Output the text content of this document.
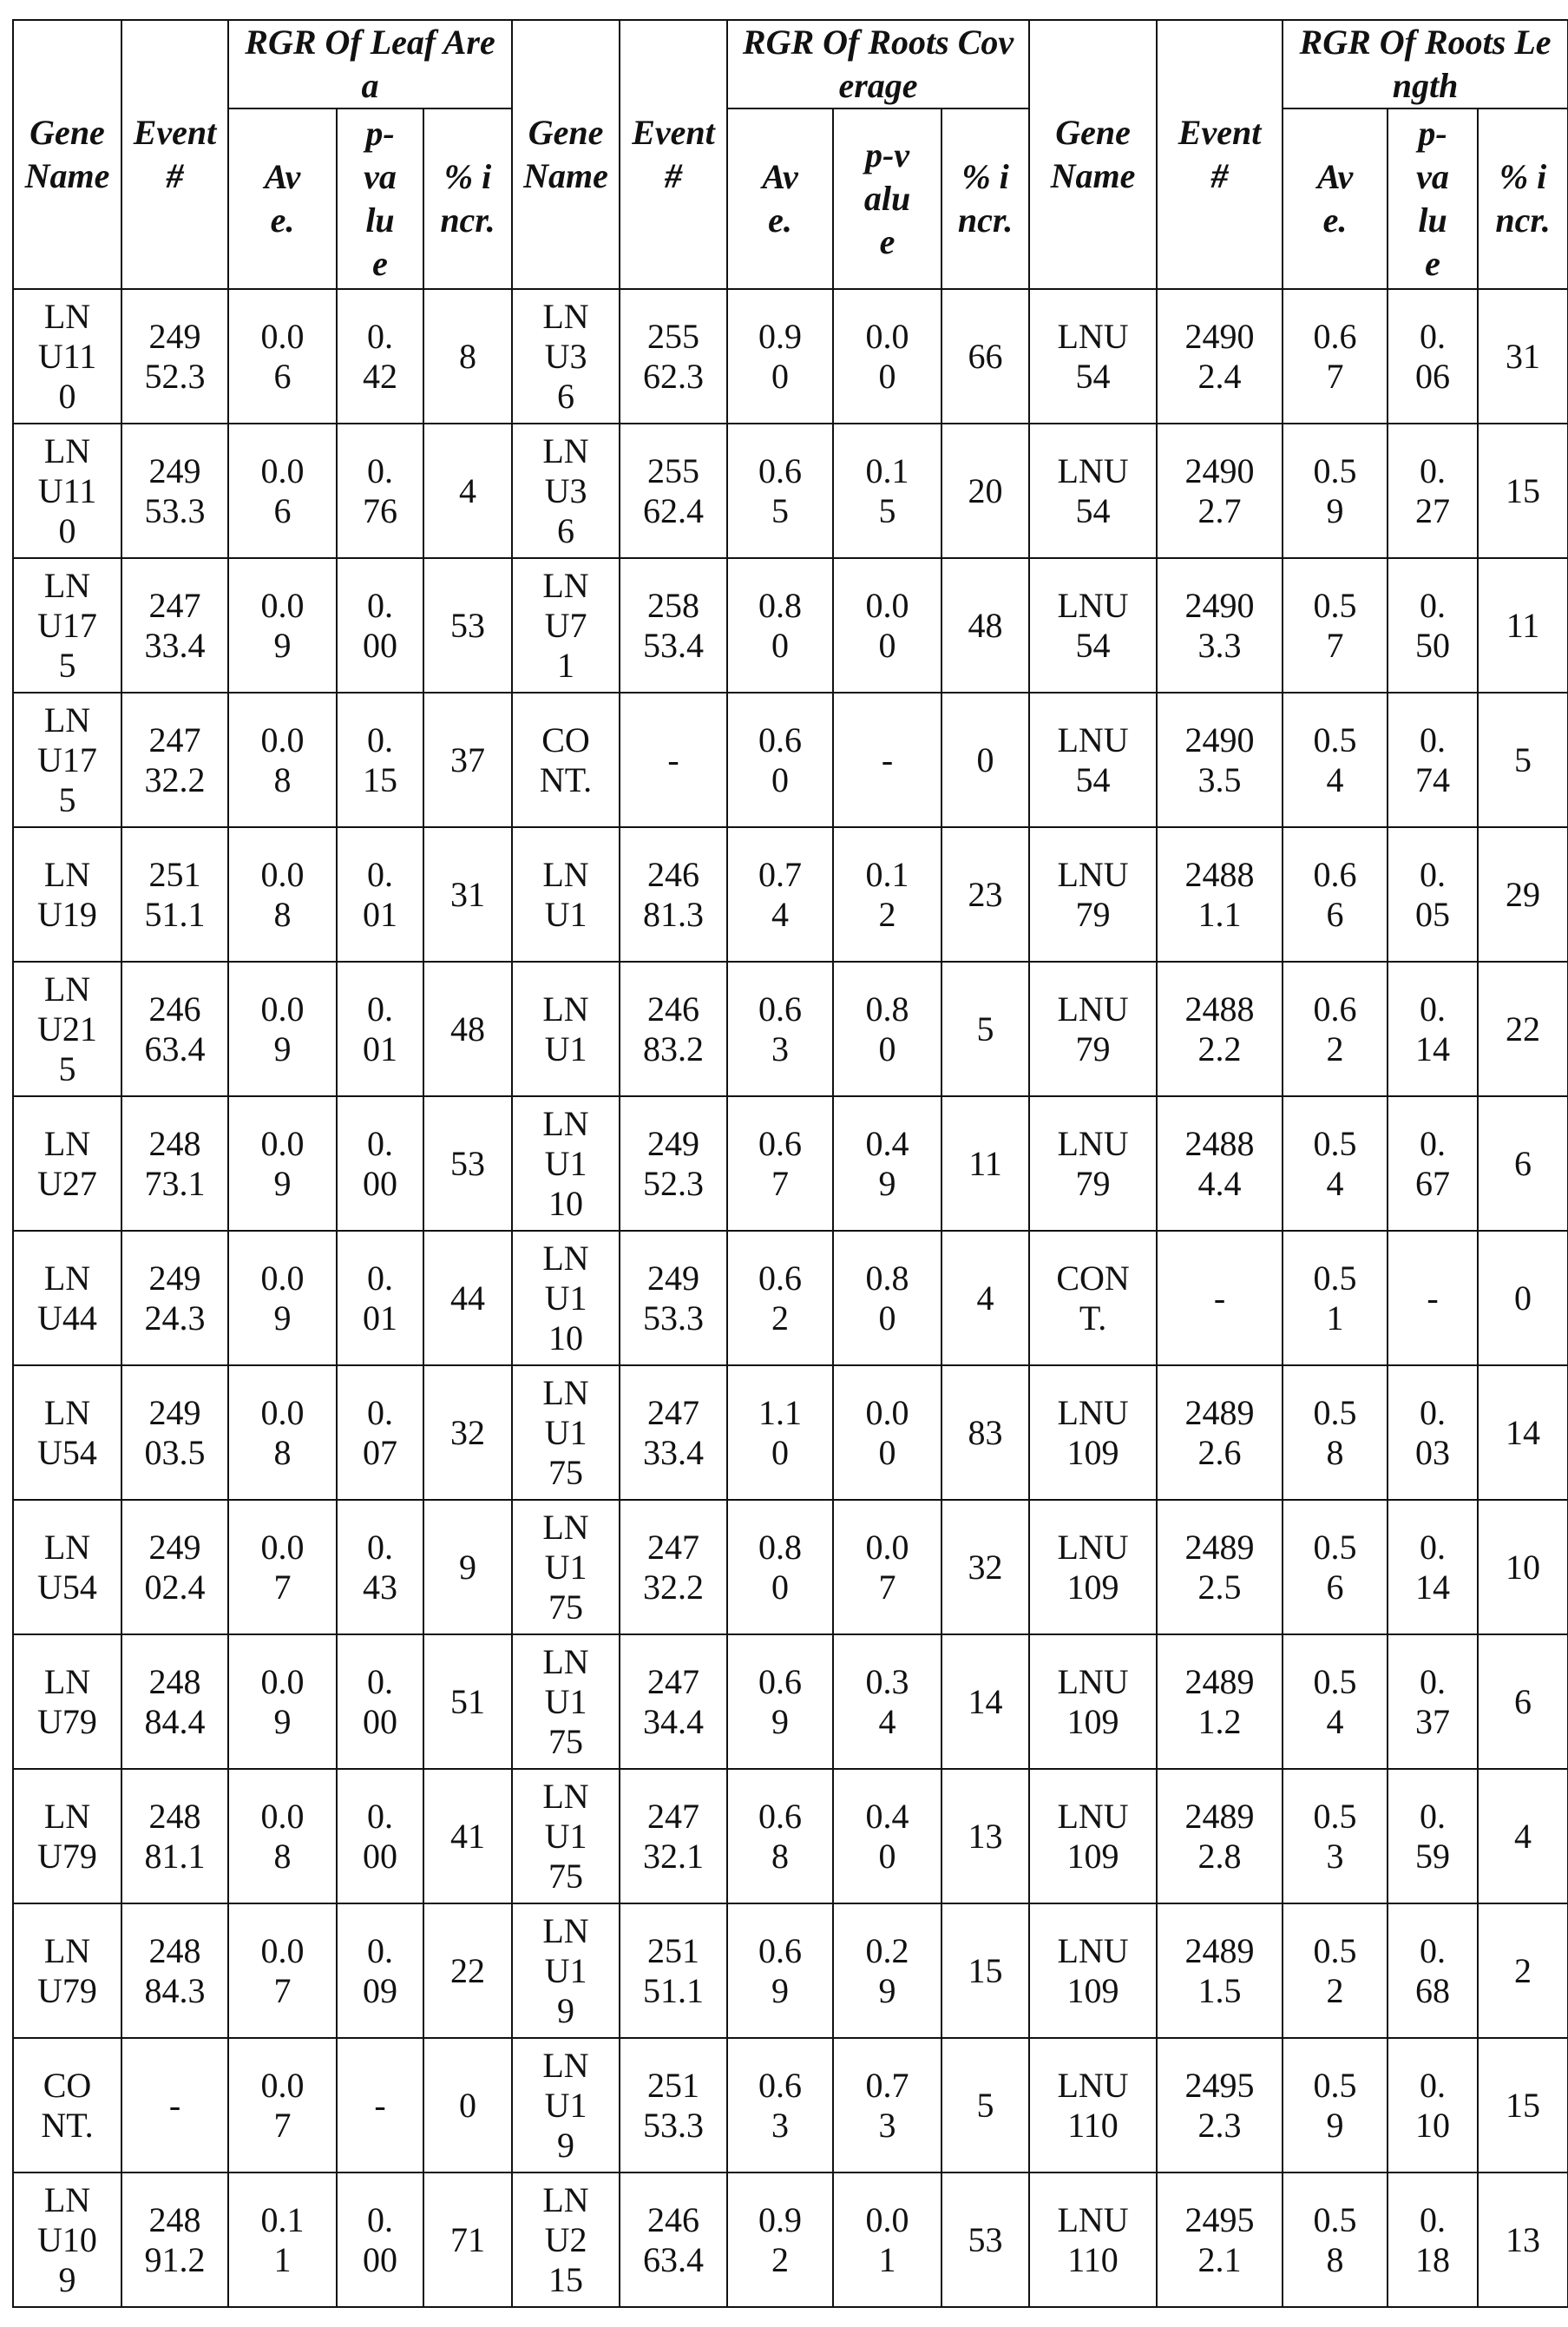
Gene Name

Event #

RGR Of Leaf Area

Gene Name

Event #

RGR Of Roots Coverage

Gene Name

Event #

RGR Of Roots Length

Ave.

p-value

% incr.

Ave.

p-value

% incr.

Ave.

p-value

% incr.

LNU110

24952.3

0.06

0.42

8

LNU36

25562.3

0.90

0.00

66

LNU54

24902.4

0.67

0.06

31

LNU110

24953.3

0.06

0.76

4

LNU36

25562.4

0.65

0.15

20

LNU54

24902.7

0.59

0.27

15

LNU175

24733.4

0.09

0.00

53

LNU71

25853.4

0.80

0.00

48

LNU54

24903.3

0.57

0.50

11

LNU175

24732.2

0.08

0.15

37

CONT.

-

0.60

-	0

LNU54

24903.5

0.54

0.74

5

LNU19

25151.1

0.08

0.01

31

LNU1

24681.3

0.74

0.12

23

LNU79

24881.1

0.66

0.05

29

LNU215

24663.4

0.09

0.01

48

LNU1

24683.2

0.63

0.80

5

LNU79

24882.2

0.62

0.14

22

LNU27

24873.1

0.09

0.00

53

LNU110

24952.3

0.67

0.49

11

LNU79

24884.4

0.54

0.67

6

LNU44

24924.3

0.09

0.01

44

LNU110

24953.3

0.62

0.80

4

CONT.

-

0.51

-	0

LNU54

24903.5

0.08

0.07

32

LNU175

24733.4

1.10

0.00

83

LNU109

24892.6

0.58

0.03

14

LNU54

24902.4

0.07

0.43

9

LNU175

24732.2

0.80

0.07

32

LNU109

24892.5

0.56

0.14

10

LNU79

24884.4

0.09

0.00

51

LNU175

24734.4

0.69

0.34

14

LNU109

24891.2

0.54

0.37

6

LNU79

24881.1

0.08

0.00

41

LNU175

24732.1

0.68

0.40

13

LNU109

24892.8

0.53

0.59

4

LNU79

24884.3

0.07

0.09

22

LNU19

25151.1

0.69

0.29

15

LNU109

24891.5

0.52

0.68

2

CONT.

-

0.07

-	0

LNU19

25153.3

0.63

0.73

5

LNU110

24952.3

0.59

0.10

15

LNU109

24891.2

0.11

0.00

71

LNU215

24663.4

0.92

0.01

53

LNU110

24952.1

0.58

0.18

13
